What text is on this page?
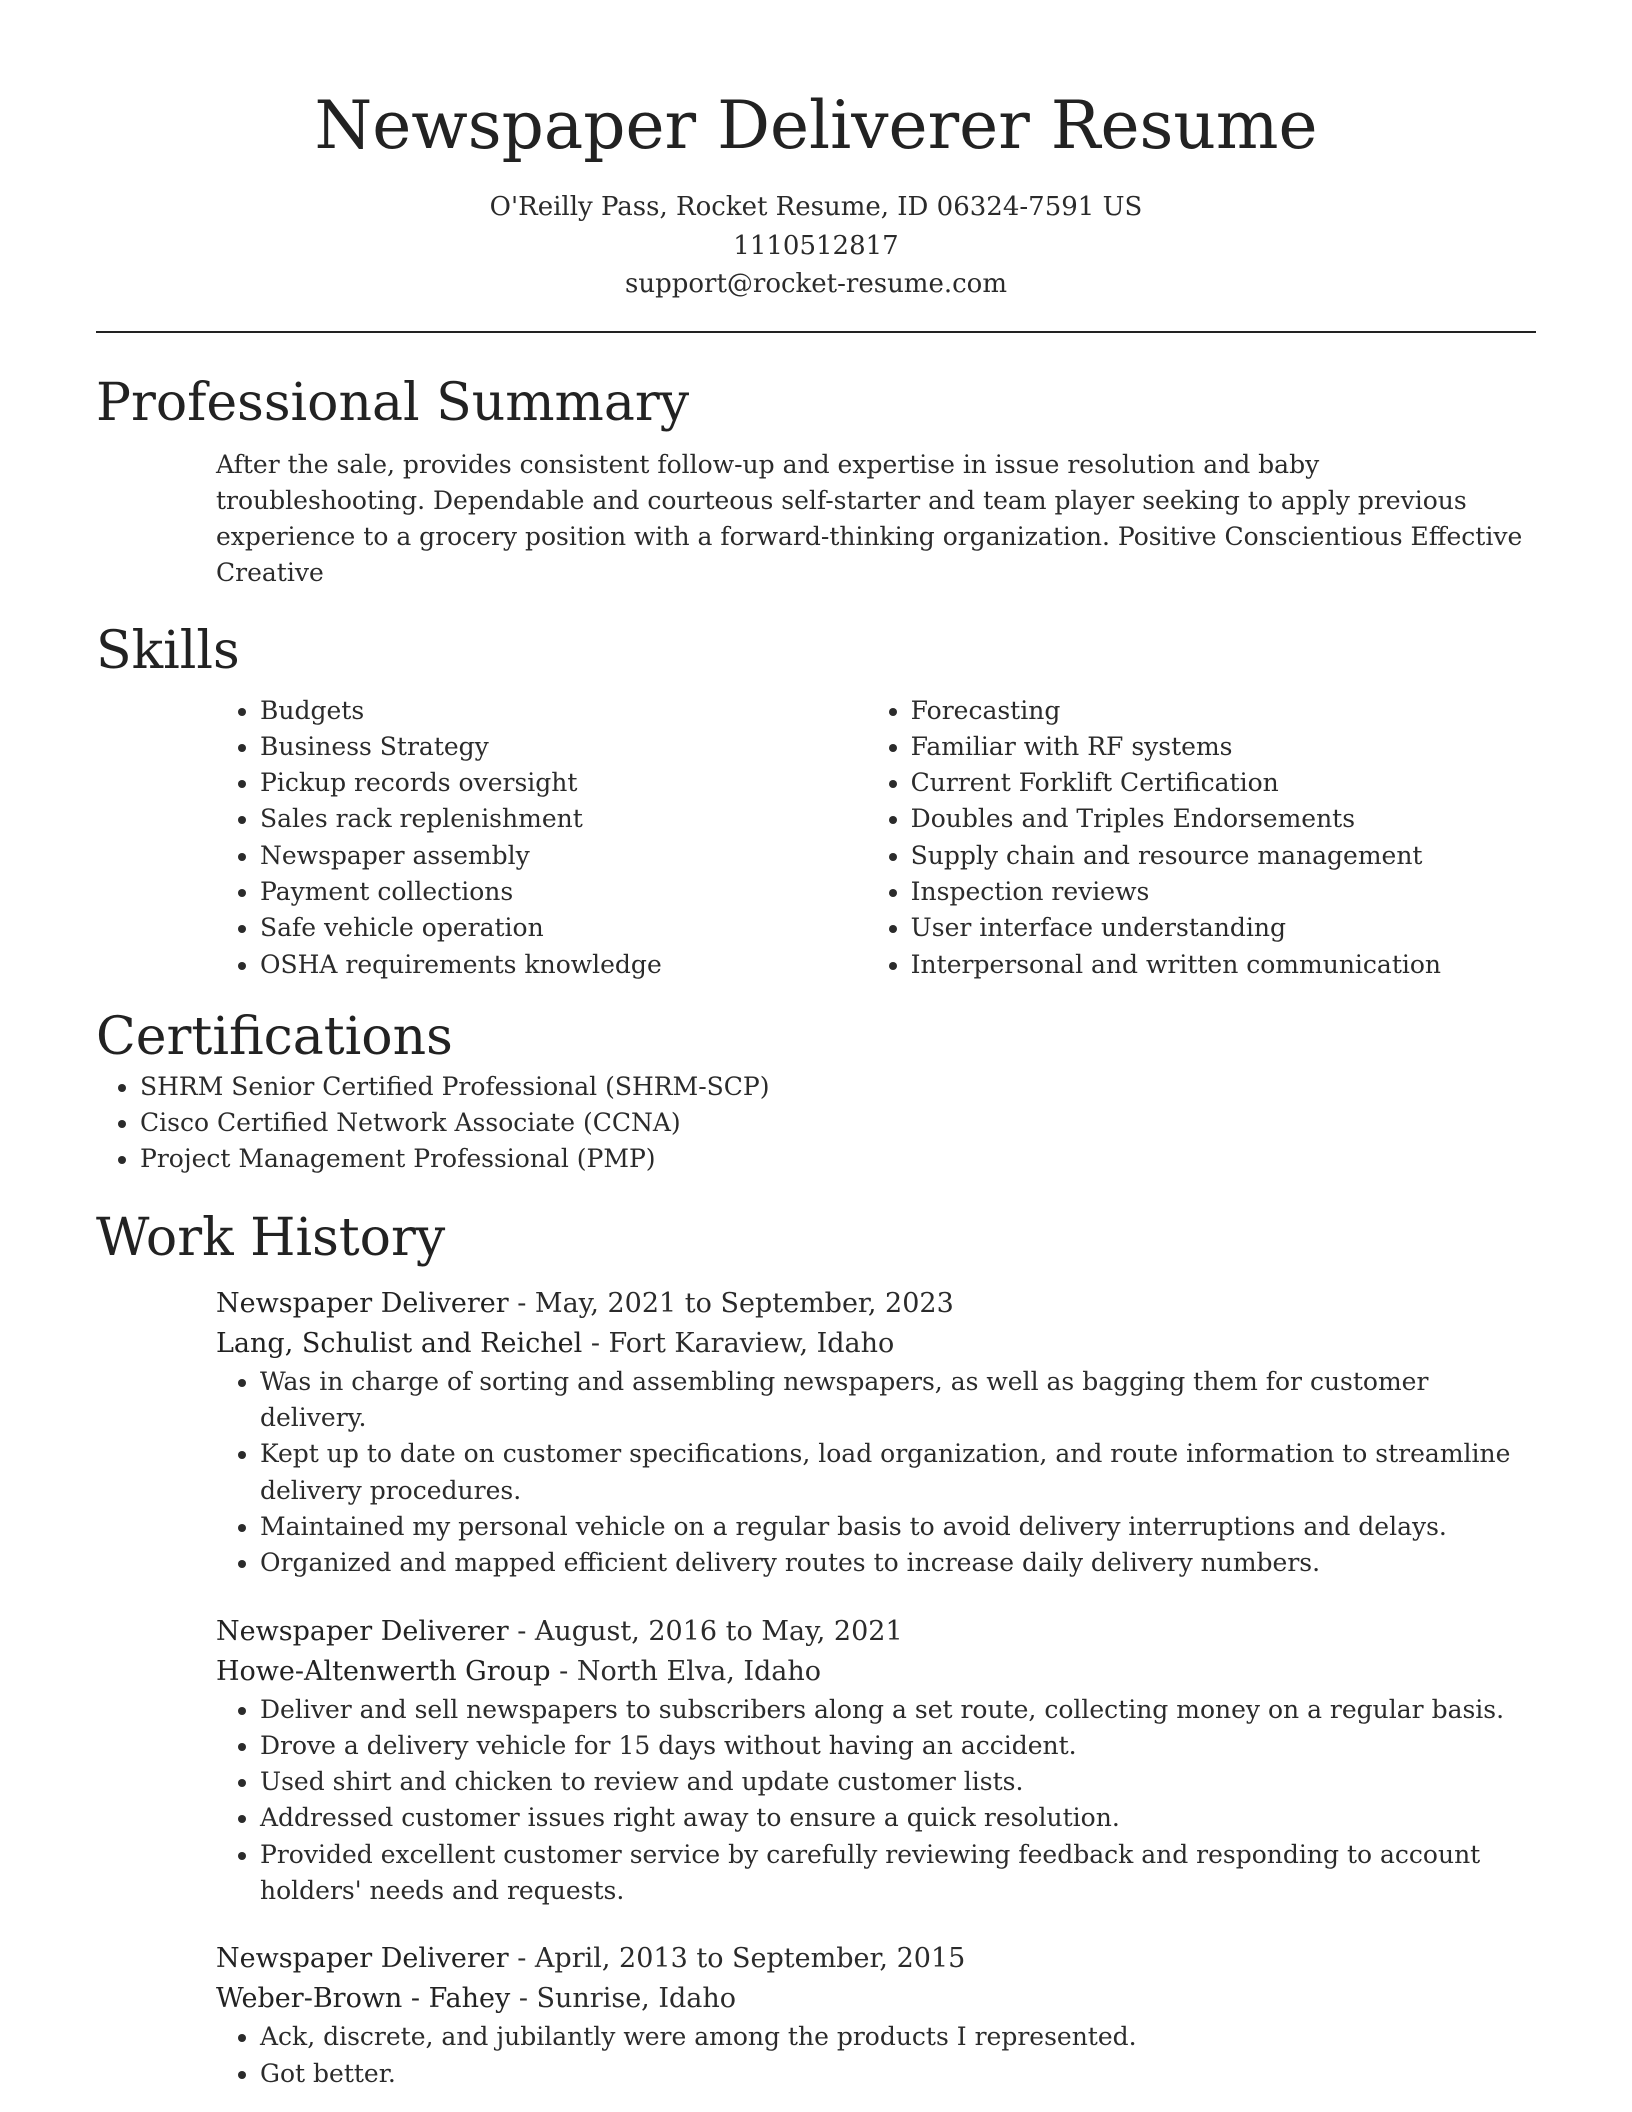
Newspaper Deliverer Resume
O'Reilly Pass, Rocket Resume, ID 06324-7591 US
1110512817
support@rocket-resume.com
Professional Summary

After the sale, provides consistent follow-up and expertise in issue resolution and baby troubleshooting. Dependable and courteous self-starter and team player seeking to apply previous experience to a grocery position with a forward-thinking organization. Positive Conscientious Effective Creative

Skills
• Budgets
• Business Strategy
• Pickup records oversight
• Sales rack replenishment
• Newspaper assembly
• Payment collections
• Safe vehicle operation
• OSHA requirements knowledge
• Forecasting
• Familiar with RF systems
• Current Forklift Certification
• Doubles and Triples Endorsements
• Supply chain and resource management
• Inspection reviews
• User interface understanding
• Interpersonal and written communication
Certifications
• SHRM Senior Certified Professional (SHRM-SCP)
• Cisco Certified Network Associate (CCNA)
• Project Management Professional (PMP)
Work History
Newspaper Deliverer - May, 2021 to September, 2023
Lang, Schulist and Reichel - Fort Karaview, Idaho
• Was in charge of sorting and assembling newspapers, as well as bagging them for customer delivery.
• Kept up to date on customer specifications, load organization, and route information to streamline delivery procedures.
• Maintained my personal vehicle on a regular basis to avoid delivery interruptions and delays.
• Organized and mapped efficient delivery routes to increase daily delivery numbers.
Newspaper Deliverer - August, 2016 to May, 2021
Howe-Altenwerth Group - North Elva, Idaho
• Deliver and sell newspapers to subscribers along a set route, collecting money on a regular basis.
• Drove a delivery vehicle for 15 days without having an accident.
• Used shirt and chicken to review and update customer lists.
• Addressed customer issues right away to ensure a quick resolution.
• Provided excellent customer service by carefully reviewing feedback and responding to account holders' needs and requests.
Newspaper Deliverer - April, 2013 to September, 2015
Weber-Brown - Fahey - Sunrise, Idaho
• Ack, discrete, and jubilantly were among the products I represented.
• Got better.
